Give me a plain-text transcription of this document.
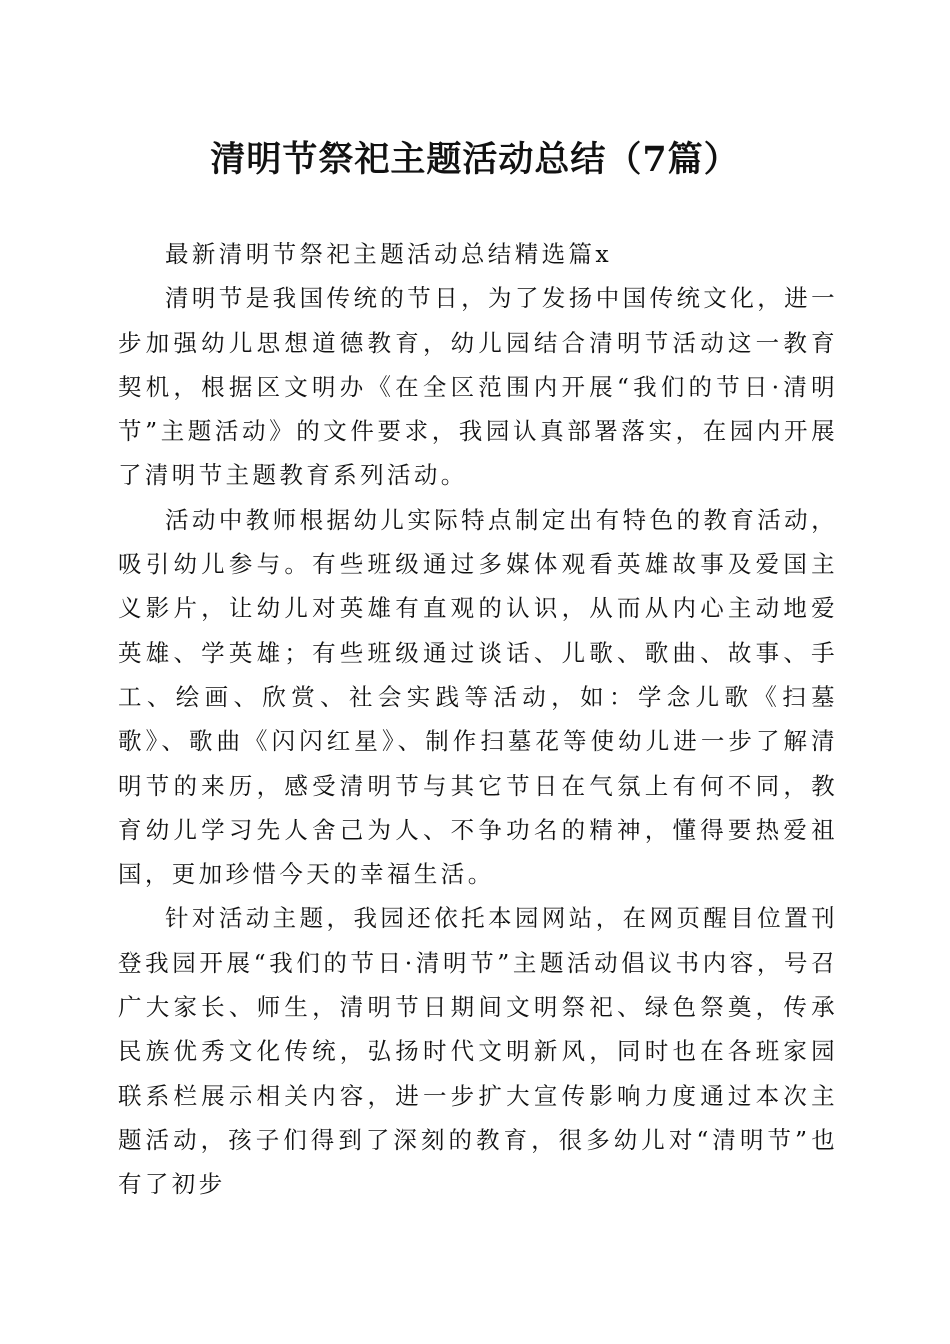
清明节祭祀主题活动总结（7篇）

最新清明节祭祀主题活动总结精选篇x

清明节是我国传统的节日，为了发扬中国传统文化，进一步加强幼儿思想道德教育，幼儿园结合清明节活动这一教育契机，根据区文明办《在全区范围内开展“我们的节日·清明节”主题活动》的文件要求，我园认真部署落实，在园内开展了清明节主题教育系列活动。

活动中教师根据幼儿实际特点制定出有特色的教育活动，吸引幼儿参与。有些班级通过多媒体观看英雄故事及爱国主义影片，让幼儿对英雄有直观的认识，从而从内心主动地爱英雄、学英雄；有些班级通过谈话、儿歌、歌曲、故事、手工、绘画、欣赏、社会实践等活动，如：学念儿歌《扫墓歌》、歌曲《闪闪红星》、制作扫墓花等使幼儿进一步了解清明节的来历，感受清明节与其它节日在气氛上有何不同，教育幼儿学习先人舍己为人、不争功名的精神，懂得要热爱祖国，更加珍惜今天的幸福生活。

针对活动主题，我园还依托本园网站，在网页醒目位置刊登我园开展“我们的节日·清明节”主题活动倡议书内容，号召广大家长、师生，清明节日期间文明祭祀、绿色祭奠，传承民族优秀文化传统，弘扬时代文明新风，同时也在各班家园联系栏展示相关内容，进一步扩大宣传影响力度通过本次主题活动，孩子们得到了深刻的教育，很多幼儿对“清明节”也有了初步
